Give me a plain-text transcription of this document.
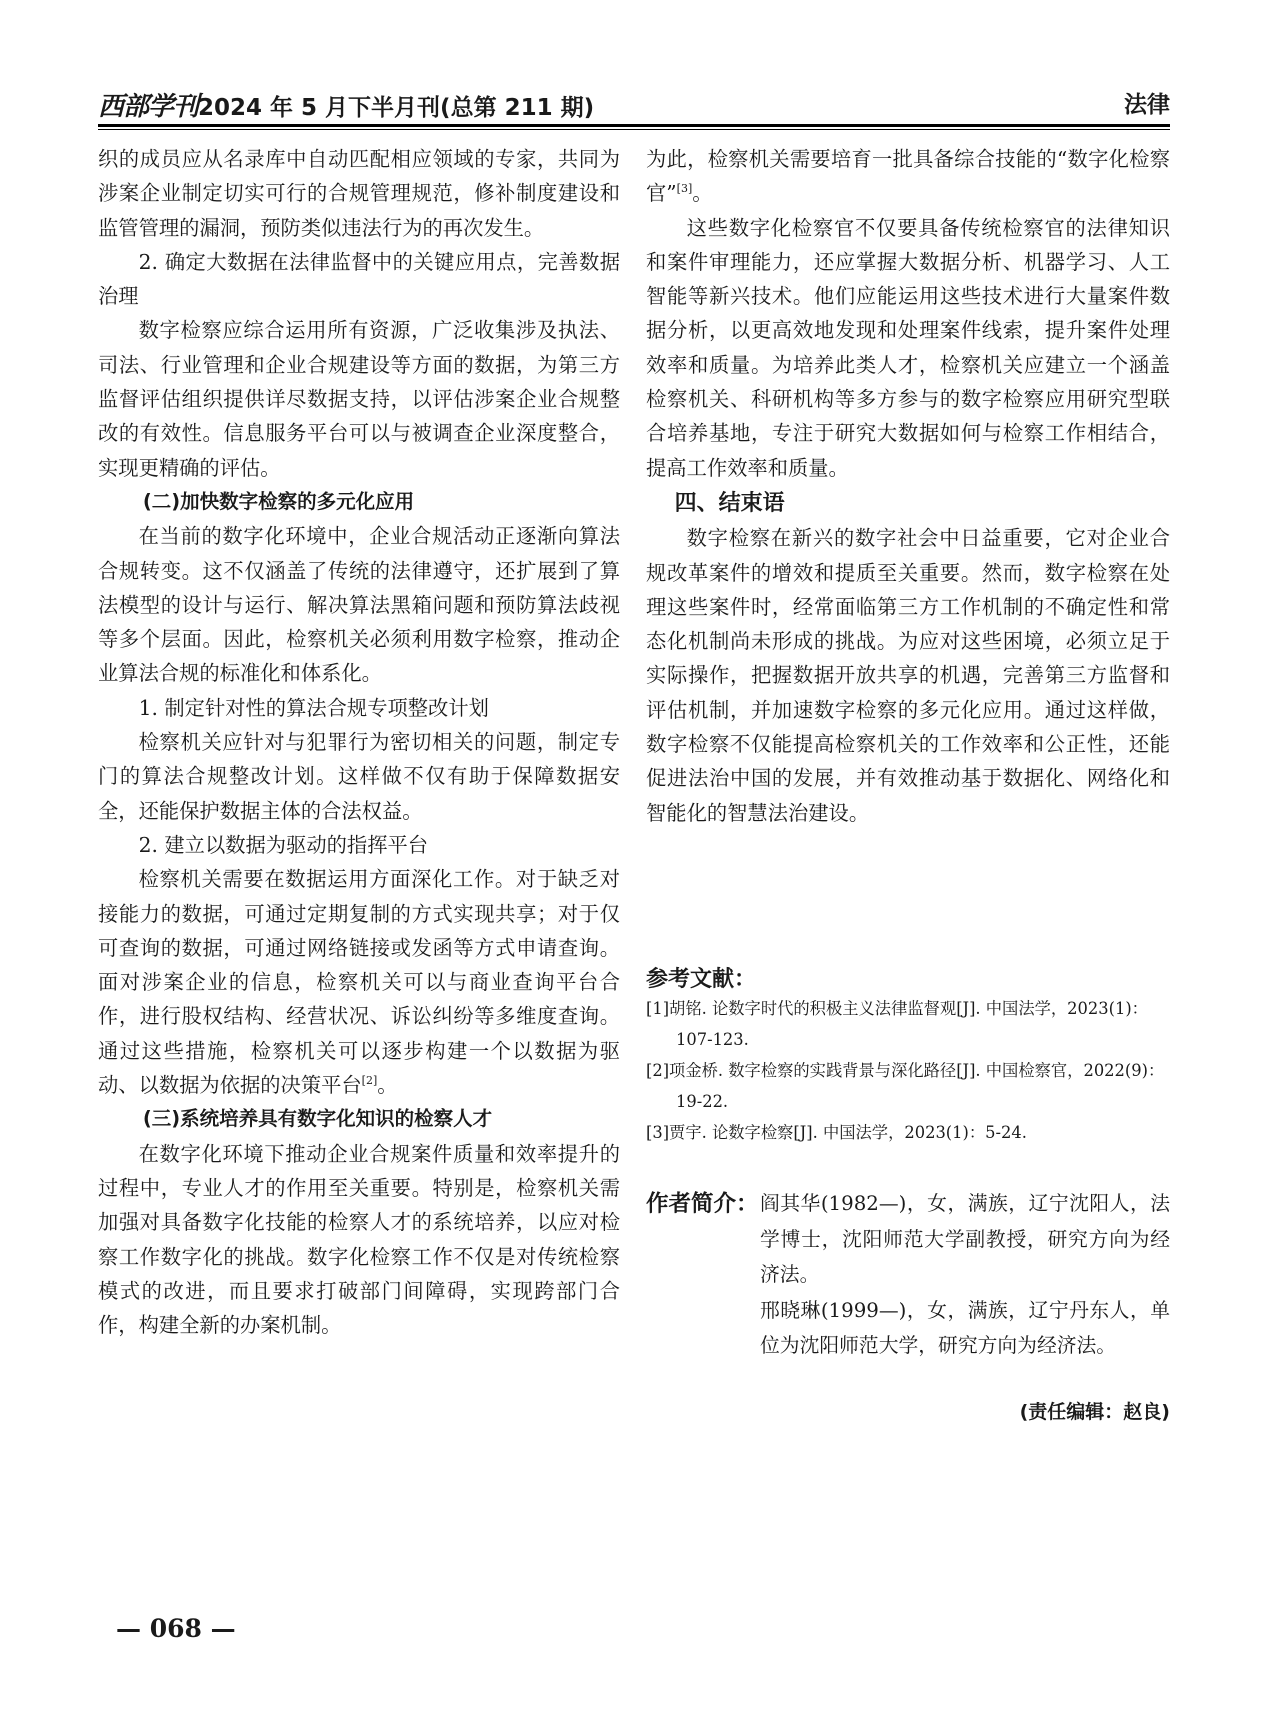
西部学刊2024 年 5 月下半月刊(总第 211 期)	法律

织的成员应从名录库中自动匹配相应领域的专家，共同为涉案企业制定切实可行的合规管理规范，修补制度建设和监管管理的漏洞，预防类似违法行为的再次发生。

2. 确定大数据在法律监督中的关键应用点，完善数据治理

数字检察应综合运用所有资源，广泛收集涉及执法、司法、行业管理和企业合规建设等方面的数据，为第三方监督评估组织提供详尽数据支持，以评估涉案企业合规整改的有效性。信息服务平台可以与被调查企业深度整合，实现更精确的评估。

(二)加快数字检察的多元化应用

在当前的数字化环境中，企业合规活动正逐渐向算法合规转变。这不仅涵盖了传统的法律遵守，还扩展到了算法模型的设计与运行、解决算法黑箱问题和预防算法歧视等多个层面。因此，检察机关必须利用数字检察，推动企业算法合规的标准化和体系化。

1. 制定针对性的算法合规专项整改计划

检察机关应针对与犯罪行为密切相关的问题，制定专门的算法合规整改计划。这样做不仅有助于保障数据安全，还能保护数据主体的合法权益。

2. 建立以数据为驱动的指挥平台

检察机关需要在数据运用方面深化工作。对于缺乏对接能力的数据，可通过定期复制的方式实现共享；对于仅可查询的数据，可通过网络链接或发函等方式申请查询。面对涉案企业的信息，检察机关可以与商业查询平台合作，进行股权结构、经营状况、诉讼纠纷等多维度查询。通过这些措施，检察机关可以逐步构建一个以数据为驱动、以数据为依据的决策平台[2]。

(三)系统培养具有数字化知识的检察人才

在数字化环境下推动企业合规案件质量和效率提升的过程中，专业人才的作用至关重要。特别是，检察机关需加强对具备数字化技能的检察人才的系统培养，以应对检察工作数字化的挑战。数字化检察工作不仅是对传统检察模式的改进，而且要求打破部门间障碍，实现跨部门合作，构建全新的办案机制。

为此，检察机关需要培育一批具备综合技能的“数字化检察官”[3]。

这些数字化检察官不仅要具备传统检察官的法律知识和案件审理能力，还应掌握大数据分析、机器学习、人工智能等新兴技术。他们应能运用这些技术进行大量案件数据分析，以更高效地发现和处理案件线索，提升案件处理效率和质量。为培养此类人才，检察机关应建立一个涵盖检察机关、科研机构等多方参与的数字检察应用研究型联合培养基地，专注于研究大数据如何与检察工作相结合，提高工作效率和质量。

四、结束语

数字检察在新兴的数字社会中日益重要，它对企业合规改革案件的增效和提质至关重要。然而，数字检察在处理这些案件时，经常面临第三方工作机制的不确定性和常态化机制尚未形成的挑战。为应对这些困境，必须立足于实际操作，把握数据开放共享的机遇，完善第三方监督和评估机制，并加速数字检察的多元化应用。通过这样做，数字检察不仅能提高检察机关的工作效率和公正性，还能促进法治中国的发展，并有效推动基于数据化、网络化和智能化的智慧法治建设。

参考文献：
[1]胡铭. 论数字时代的积极主义法律监督观[J]. 中国法学，2023(1)：107-123.
[2]项金桥. 数字检察的实践背景与深化路径[J]. 中国检察官，2022(9)：19-22.
[3]贾宇. 论数字检察[J]. 中国法学，2023(1)：5-24.
作者简介： 阎其华(1982—)，女，满族，辽宁沈阳人，法学博士，沈阳师范大学副教授，研究方向为经济法。

邢晓琳(1999—)，女，满族，辽宁丹东人，单位为沈阳师范大学，研究方向为经济法。

(责任编辑：赵良)
— 068 —
